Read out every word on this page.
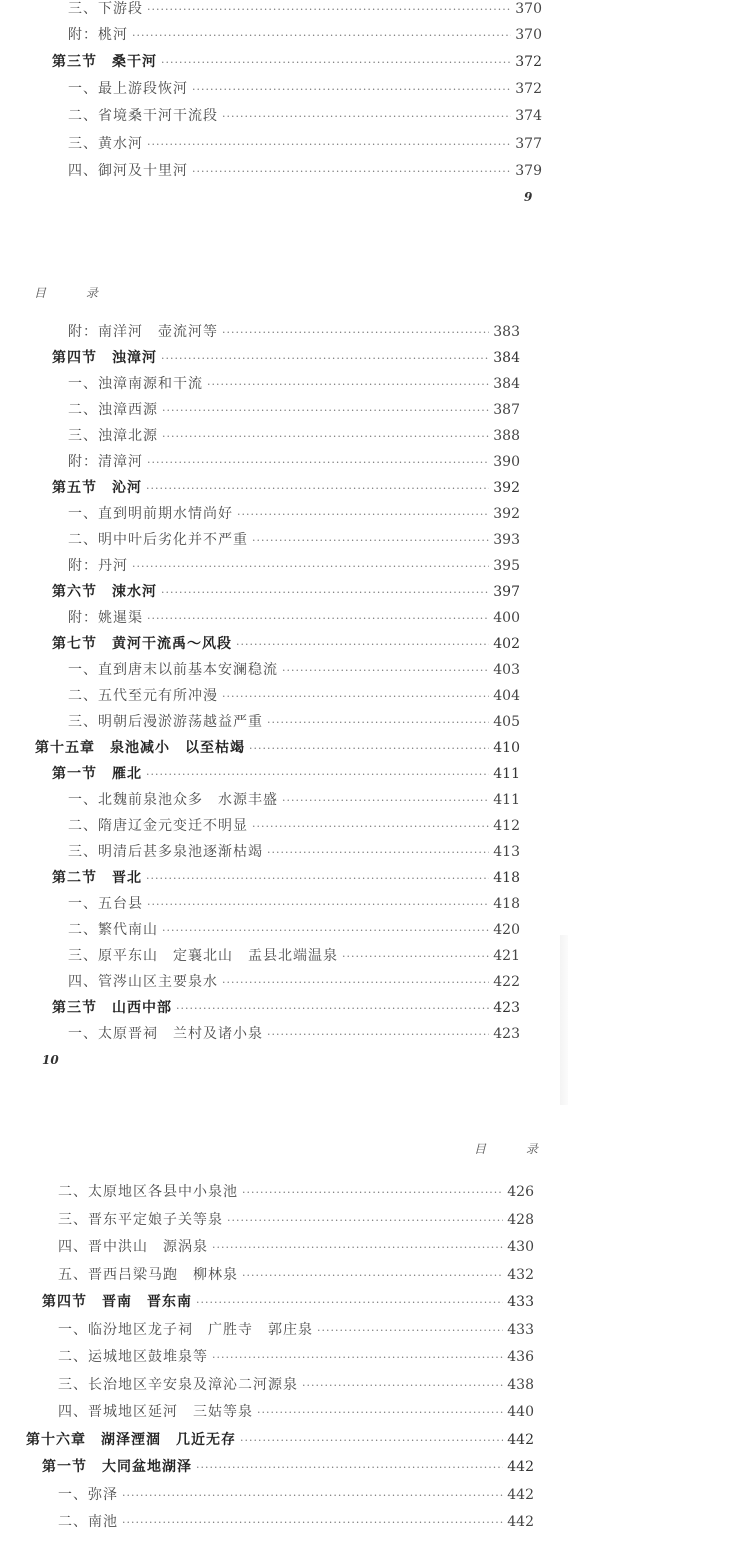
三、下游段 ·····	370
附：桃河 ·····	370
第三节　桑干河 ·····	372
一、最上游段恢河 ·····	372
二、省境桑干河干流段 ·····	374
三、黄水河 ·····	377
四、御河及十里河 ·····	379
9
目 录
附：南洋河　壶流河等 ·····	383
第四节　浊漳河 ·····	384
一、浊漳南源和干流 ·····	384
二、浊漳西源 ·····	387
三、浊漳北源 ·····	388
附：清漳河 ·····	390
第五节　沁河 ·····	392
一、直到明前期水情尚好 ·····	392
二、明中叶后劣化并不严重 ·····	393
附：丹河 ·····	395
第六节　涑水河 ·····	397
附：姚暹渠 ·····	400
第七节　黄河干流禹～风段 ·····	402
一、直到唐末以前基本安澜稳流 ·····	403
二、五代至元有所冲漫 ·····	404
三、明朝后漫淤游荡越益严重 ·····	405
第十五章　泉池减小　以至枯竭 ·····	410
第一节　雁北 ·····	411
一、北魏前泉池众多　水源丰盛 ·····	411
二、隋唐辽金元变迁不明显 ·····	412
三、明清后甚多泉池逐渐枯竭 ·····	413
第二节　晋北 ·····	418
一、五台县 ·····	418
二、繁代南山 ·····	420
三、原平东山　定襄北山　盂县北端温泉 ·····	421
四、管涔山区主要泉水 ·····	422
第三节　山西中部 ·····	423
一、太原晋祠　兰村及诸小泉 ·····	423
10
目 录
二、太原地区各县中小泉池 ·····	426
三、晋东平定娘子关等泉 ·····	428
四、晋中洪山　源涡泉 ·····	430
五、晋西吕梁马跑　柳林泉 ·····	432
第四节　晋南　晋东南 ·····	433
一、临汾地区龙子祠　广胜寺　郭庄泉 ·····	433
二、运城地区鼓堆泉等 ·····	436
三、长治地区辛安泉及漳沁二河源泉 ·····	438
四、晋城地区延河　三姑等泉 ·····	440
第十六章　湖泽湮涸　几近无存 ·····	442
第一节　大同盆地湖泽 ·····	442
一、弥泽 ·····	442
二、南池 ·····	442
